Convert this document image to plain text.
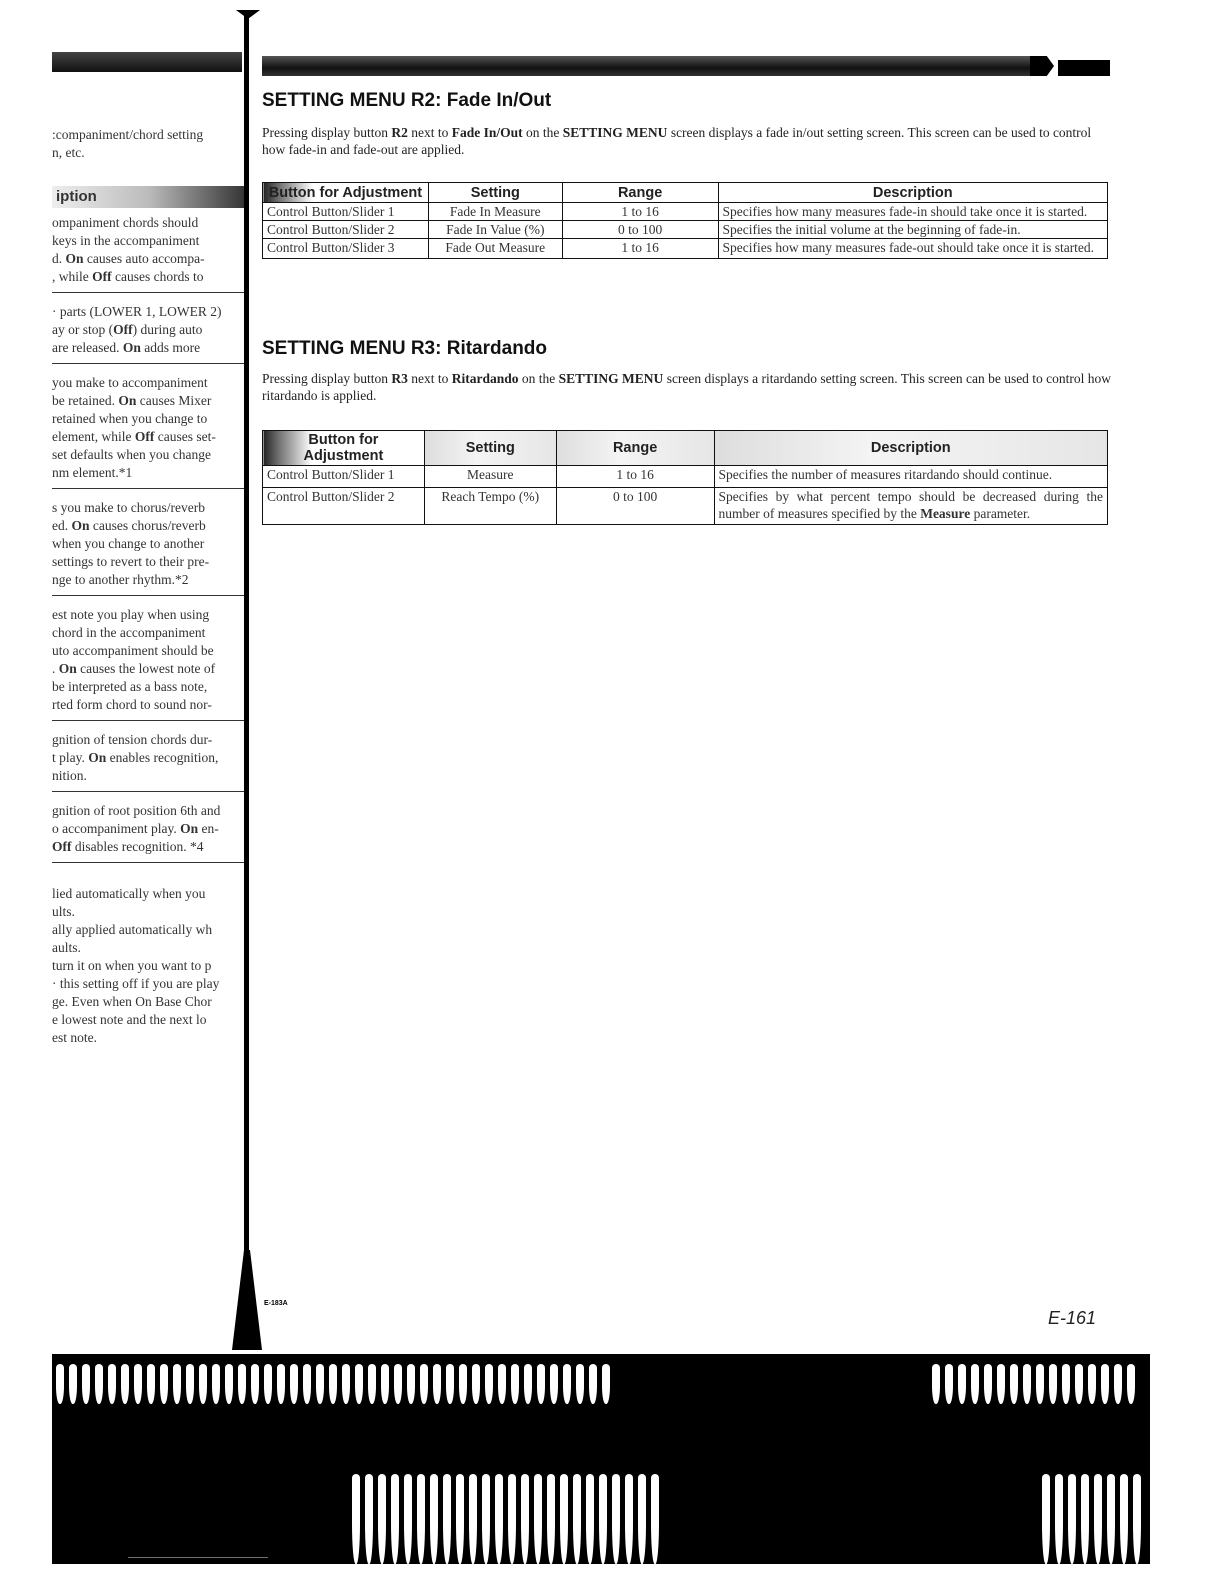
:companiment/chord setting
n, etc.
iption
ompaniment chords should
keys in the accompaniment
d. On causes auto accompa-
, while Off causes chords to
· parts (LOWER 1, LOWER 2)
ay or stop (Off) during auto
are released. On adds more
you make to accompaniment
be retained. On causes Mixer
retained when you change to
element, while Off causes set-
set defaults when you change
nm element.*1
s you make to chorus/reverb
ed. On causes chorus/reverb
when you change to another
settings to revert to their pre-
nge to another rhythm.*2
est note you play when using
chord in the accompaniment
uto accompaniment should be
. On causes the lowest note of
be interpreted as a bass note,
rted form chord to sound nor-
gnition of tension chords dur-
t play. On enables recognition,
nition.
gnition of root position 6th and
o accompaniment play. On en-
Off disables recognition. *4
lied automatically when you
ults.
ally applied automatically wh
aults.
turn it on when you want to p
· this setting off if you are play
ge. Even when On Base Chor
e lowest note and the next lo
est note.
E-183A
SETTING MENU R2: Fade In/Out
Pressing display button R2 next to Fade In/Out on the SETTING MENU screen displays a fade in/out setting screen. This screen can be used to control how fade-in and fade-out are applied.
Button for Adjustment	Setting	Range	Description
Control Button/Slider 1	Fade In Measure	1 to 16	Specifies how many measures fade-in should take once it is started.
Control Button/Slider 2	Fade In Value (%)	0 to 100	Specifies the initial volume at the beginning of fade-in.
Control Button/Slider 3	Fade Out Measure	1 to 16	Specifies how many measures fade-out should take once it is started.
SETTING MENU R3: Ritardando
Pressing display button R3 next to Ritardando on the SETTING MENU screen displays a ritardando setting screen. This screen can be used to control how ritardando is applied.
Button for Adjustment	Setting	Range	Description
Control Button/Slider 1	Measure	1 to 16	Specifies the number of measures ritardando should continue.
Control Button/Slider 2	Reach Tempo (%)	0 to 100	Specifies by what percent tempo should be decreased during the number of measures specified by the Measure parameter.
E-161
